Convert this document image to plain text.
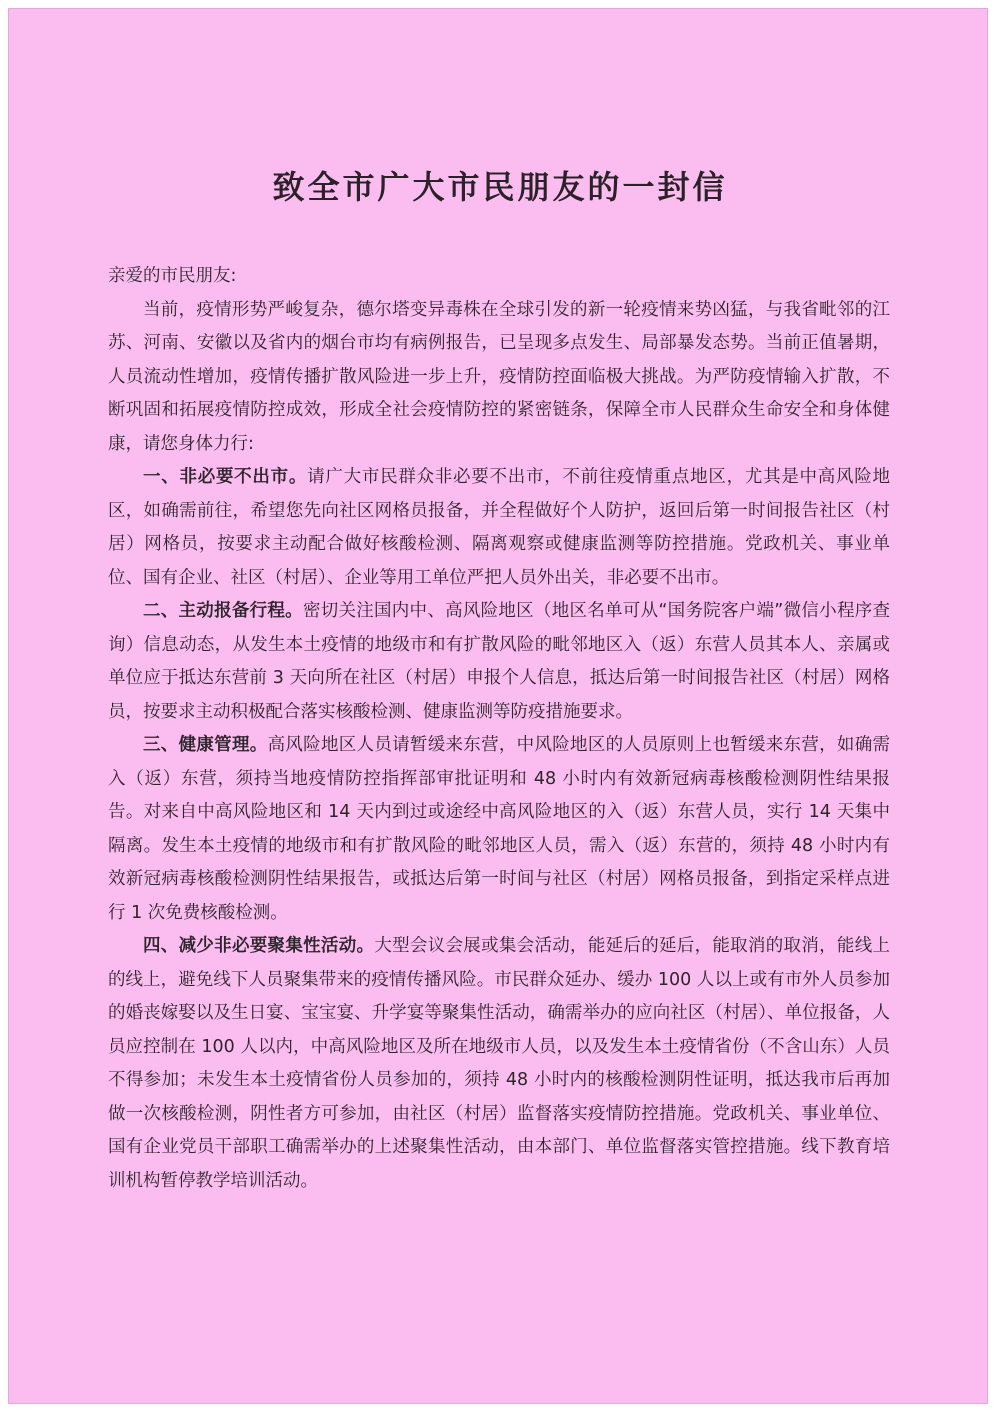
致全市广大市民朋友的一封信

亲爱的市民朋友:

当前，疫情形势严峻复杂，德尔塔变异毒株在全球引发的新一轮疫情来势凶猛，与我省毗邻的江苏、河南、安徽以及省内的烟台市均有病例报告，已呈现多点发生、局部暴发态势。当前正值暑期，人员流动性增加，疫情传播扩散风险进一步上升，疫情防控面临极大挑战。为严防疫情输入扩散，不断巩固和拓展疫情防控成效，形成全社会疫情防控的紧密链条，保障全市人民群众生命安全和身体健康，请您身体力行:

一、非必要不出市。请广大市民群众非必要不出市，不前往疫情重点地区，尤其是中高风险地区，如确需前往，希望您先向社区网格员报备，并全程做好个人防护，返回后第一时间报告社区（村居）网格员，按要求主动配合做好核酸检测、隔离观察或健康监测等防控措施。党政机关、事业单位、国有企业、社区（村居）、企业等用工单位严把人员外出关，非必要不出市。

二、主动报备行程。密切关注国内中、高风险地区（地区名单可从“国务院客户端”微信小程序查询）信息动态，从发生本土疫情的地级市和有扩散风险的毗邻地区入（返）东营人员其本人、亲属或单位应于抵达东营前 3 天向所在社区（村居）申报个人信息，抵达后第一时间报告社区（村居）网格员，按要求主动积极配合落实核酸检测、健康监测等防疫措施要求。

三、健康管理。高风险地区人员请暂缓来东营，中风险地区的人员原则上也暂缓来东营，如确需入（返）东营，须持当地疫情防控指挥部审批证明和 48 小时内有效新冠病毒核酸检测阴性结果报告。对来自中高风险地区和 14 天内到过或途经中高风险地区的入（返）东营人员，实行 14 天集中隔离。发生本土疫情的地级市和有扩散风险的毗邻地区人员，需入（返）东营的，须持 48 小时内有效新冠病毒核酸检测阴性结果报告，或抵达后第一时间与社区（村居）网格员报备，到指定采样点进行 1 次免费核酸检测。

四、减少非必要聚集性活动。大型会议会展或集会活动，能延后的延后，能取消的取消，能线上的线上，避免线下人员聚集带来的疫情传播风险。市民群众延办、缓办 100 人以上或有市外人员参加的婚丧嫁娶以及生日宴、宝宝宴、升学宴等聚集性活动，确需举办的应向社区（村居）、单位报备，人员应控制在 100 人以内，中高风险地区及所在地级市人员，以及发生本土疫情省份（不含山东）人员不得参加；未发生本土疫情省份人员参加的，须持 48 小时内的核酸检测阴性证明，抵达我市后再加做一次核酸检测，阴性者方可参加，由社区（村居）监督落实疫情防控措施。党政机关、事业单位、国有企业党员干部职工确需举办的上述聚集性活动，由本部门、单位监督落实管控措施。线下教育培训机构暂停教学培训活动。
